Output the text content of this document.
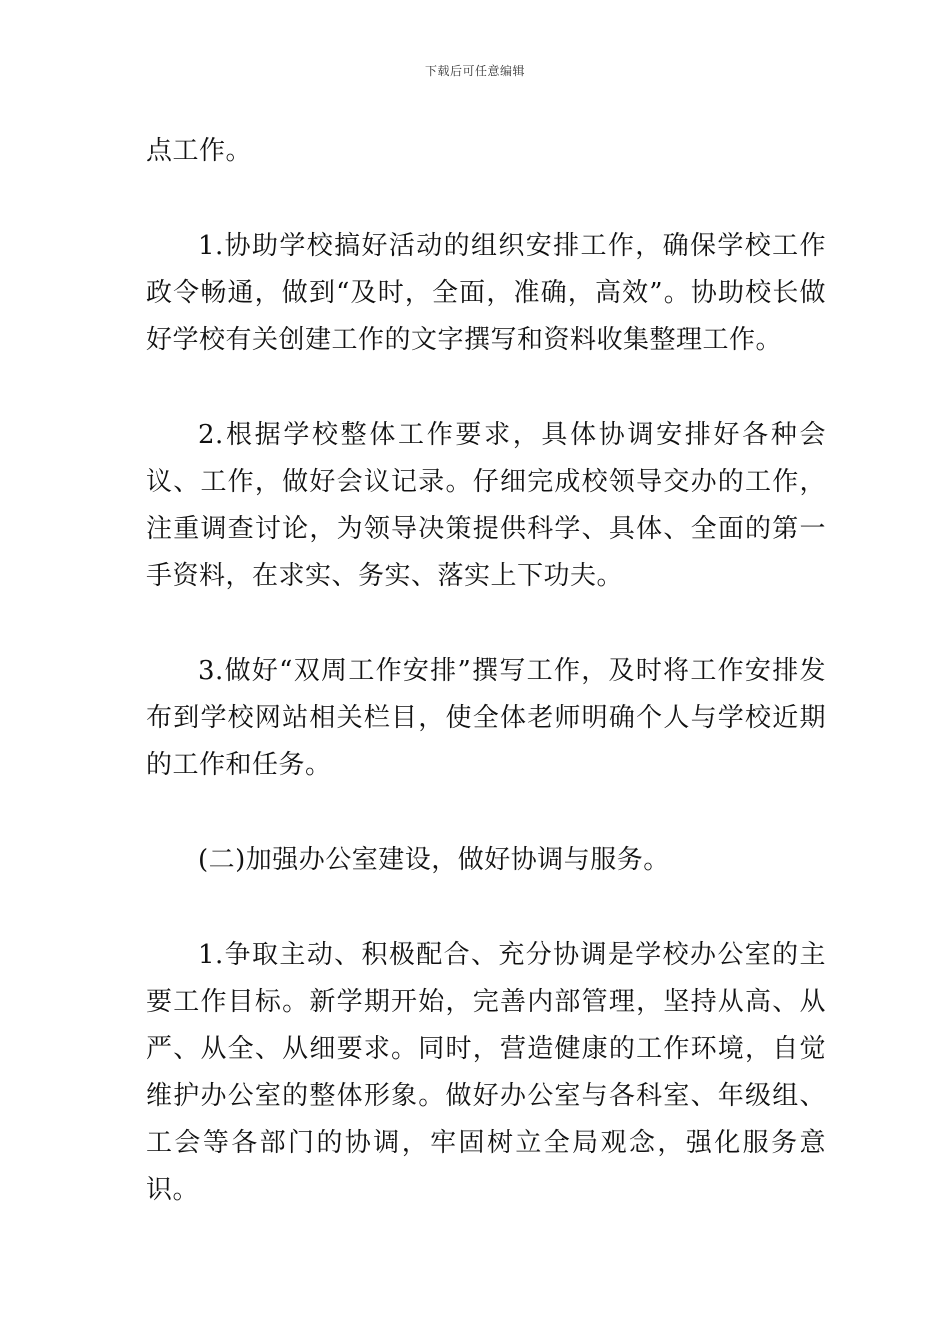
下载后可任意编辑

点工作。

1.协助学校搞好活动的组织安排工作，确保学校工作政令畅通，做到“及时，全面，准确，高效”。协助校长做好学校有关创建工作的文字撰写和资料收集整理工作。

2.根据学校整体工作要求，具体协调安排好各种会议、工作，做好会议记录。仔细完成校领导交办的工作，注重调查讨论，为领导决策提供科学、具体、全面的第一手资料，在求实、务实、落实上下功夫。

3.做好“双周工作安排”撰写工作，及时将工作安排发布到学校网站相关栏目，使全体老师明确个人与学校近期的工作和任务。

(二)加强办公室建设，做好协调与服务。

1.争取主动、积极配合、充分协调是学校办公室的主要工作目标。新学期开始，完善内部管理，坚持从高、从严、从全、从细要求。同时，营造健康的工作环境，自觉维护办公室的整体形象。做好办公室与各科室、年级组、工会等各部门的协调，牢固树立全局观念，强化服务意识。
